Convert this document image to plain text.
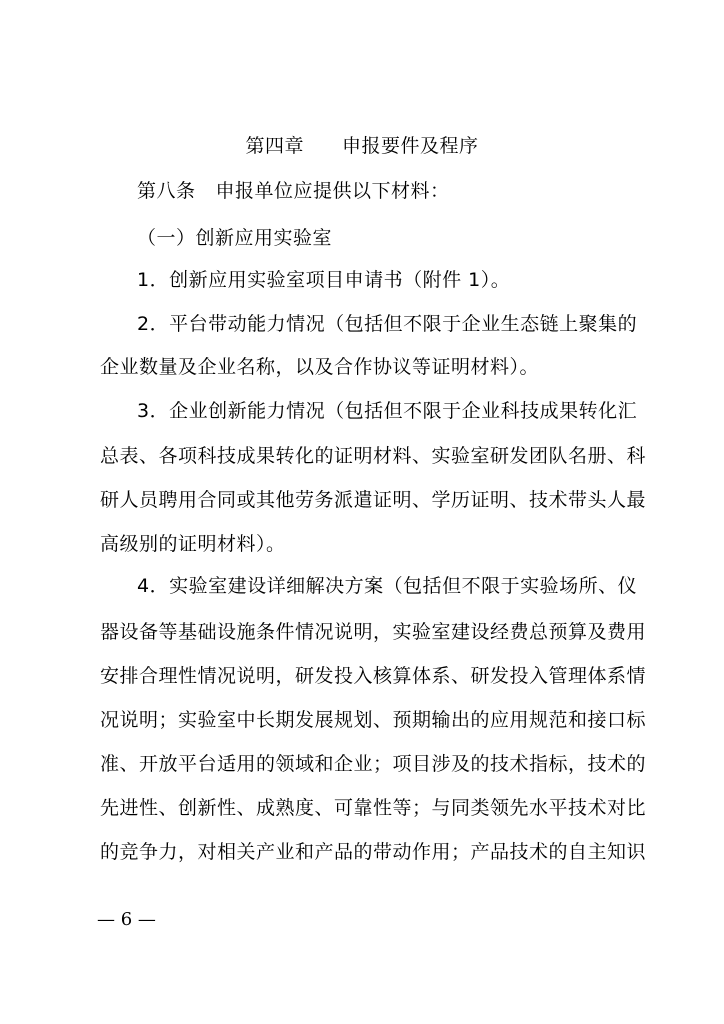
第四章 申报要件及程序
第八条 申报单位应提供以下材料：
（一）创新应用实验室
1．创新应用实验室项目申请书（附件 1）。
2．平台带动能力情况（包括但不限于企业生态链上聚集的
企业数量及企业名称，以及合作协议等证明材料）。
3．企业创新能力情况（包括但不限于企业科技成果转化汇
总表、各项科技成果转化的证明材料、实验室研发团队名册、科
研人员聘用合同或其他劳务派遣证明、学历证明、技术带头人最
高级别的证明材料）。
4．实验室建设详细解决方案（包括但不限于实验场所、仪
器设备等基础设施条件情况说明，实验室建设经费总预算及费用
安排合理性情况说明，研发投入核算体系、研发投入管理体系情
况说明；实验室中长期发展规划、预期输出的应用规范和接口标
准、开放平台适用的领域和企业；项目涉及的技术指标，技术的
先进性、创新性、成熟度、可靠性等；与同类领先水平技术对比
的竞争力，对相关产业和产品的带动作用；产品技术的自主知识
— 6 —
